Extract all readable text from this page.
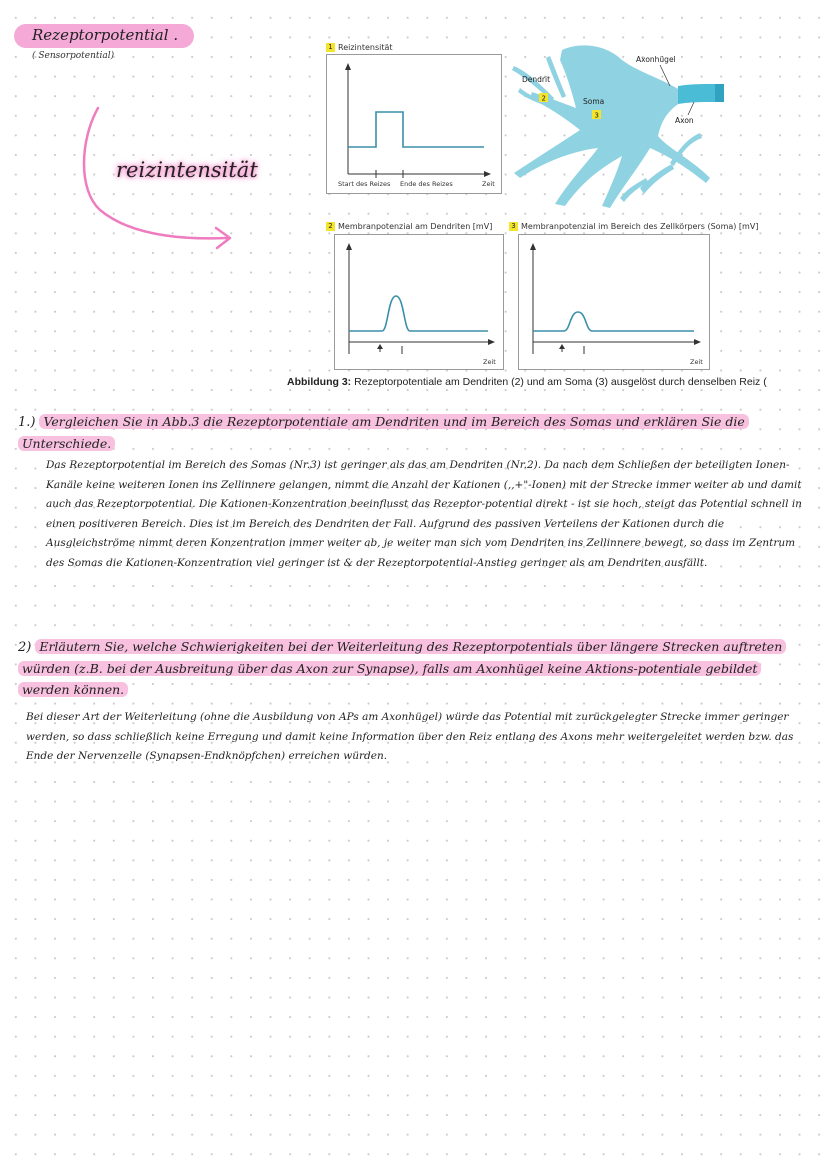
Rezeptorpotential .
( Sensorpotential)
reizintensität
1 Reizintensität
Start des Reizes Ende des Reizes	Zeit
2
3
Dendrit
Soma
Axonhügel
Axon
2 Membranpotenzial am Dendriten [mV]
Zeit
3 Membranpotenzial im Bereich des Zellkörpers (Soma) [mV]
Zeit
Abbildung 3: Rezeptorpotentiale am Dendriten (2) und am Soma (3) ausgelöst durch denselben Reiz (
1.) Vergleichen Sie in Abb.3 die Rezeptorpotentiale am Dendriten und im Bereich des Somas und erklären Sie die Unterschiede.
Das Rezeptorpotential im Bereich des Somas (Nr.3) ist geringer als das am Dendriten (Nr.2). Da nach dem Schließen der beteiligten Ionen-Kanäle keine weiteren Ionen ins Zellinnere gelangen, nimmt die Anzahl der Kationen (,,+"-Ionen) mit der Strecke immer weiter ab und damit auch das Rezeptorpotential. Die Kationen-Konzentration beeinflusst das Rezeptor-potential direkt - ist sie hoch, steigt das Potential schnell in einen positiveren Bereich. Dies ist im Bereich des Dendriten der Fall. Aufgrund des passiven Verteilens der Kationen durch die Ausgleichströme nimmt deren Konzentration immer weiter ab, je weiter man sich vom Dendriten ins Zellinnere bewegt, so dass im Zentrum des Somas die Kationen-Konzentration viel geringer ist & der Rezeptorpotential-Anstieg geringer als am Dendriten ausfällt.
2) Erläutern Sie, welche Schwierigkeiten bei der Weiterleitung des Rezeptorpotentials über längere Strecken auftreten würden (z.B. bei der Ausbreitung über das Axon zur Synapse), falls am Axonhügel keine Aktions-potentiale gebildet werden können.
Bei dieser Art der Weiterleitung (ohne die Ausbildung von APs am Axonhügel) würde das Potential mit zurückgelegter Strecke immer geringer werden, so dass schließlich keine Erregung und damit keine Information über den Reiz entlang des Axons mehr weitergeleitet werden bzw. das Ende der Nervenzelle (Synapsen-Endknöpfchen) erreichen würden.
